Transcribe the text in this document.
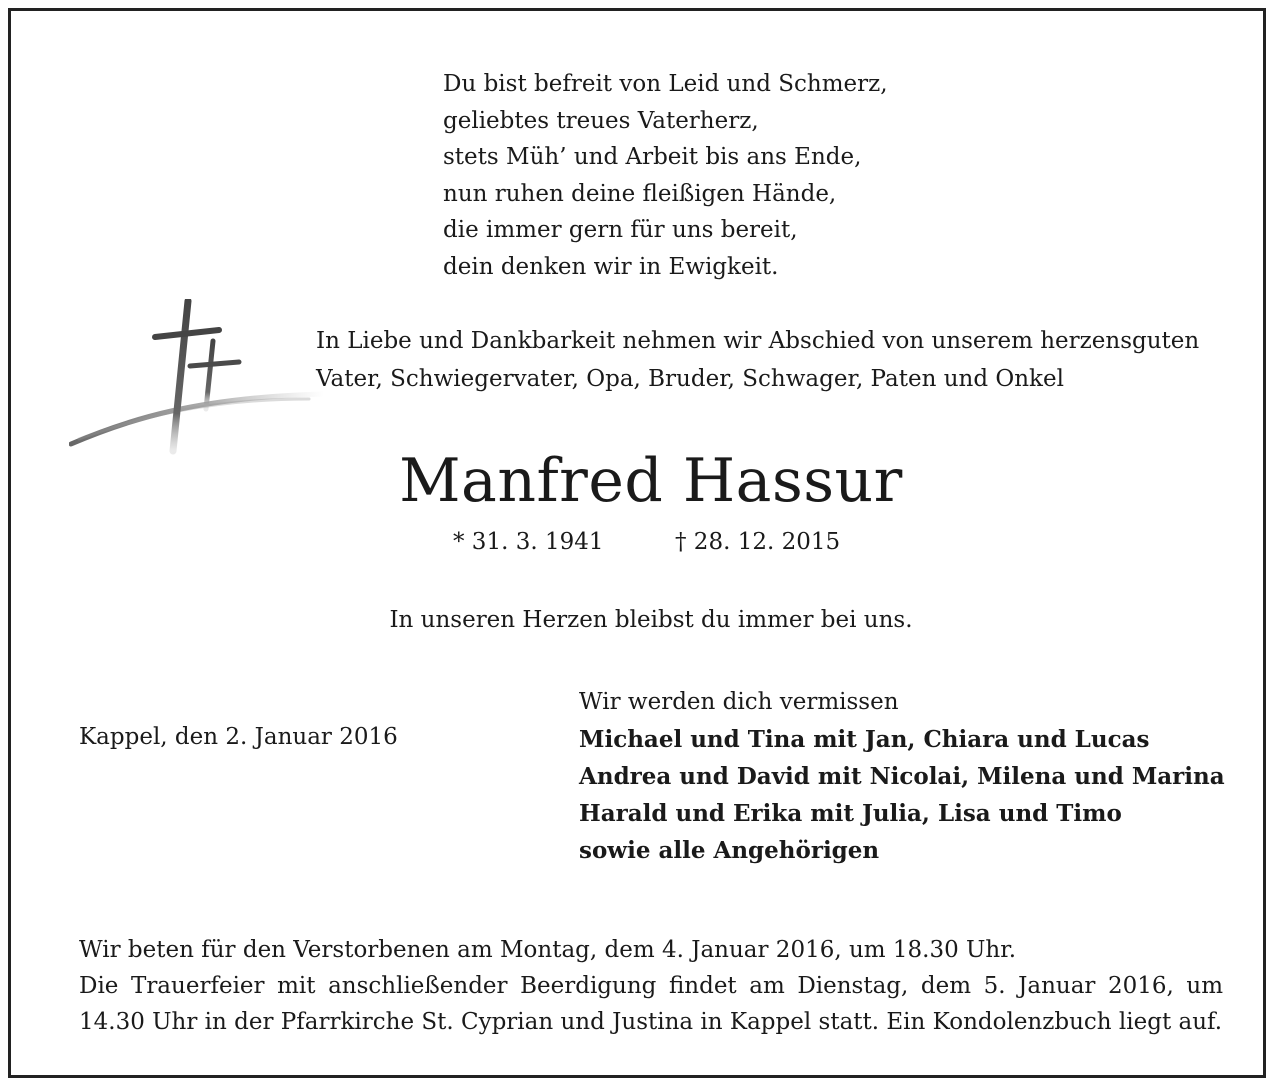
Du bist befreit von Leid und Schmerz,
geliebtes treues Vaterherz,
stets Müh’ und Arbeit bis ans Ende,
nun ruhen deine fleißigen Hände,
die immer gern für uns bereit,
dein denken wir in Ewigkeit.
In Liebe und Dankbarkeit nehmen wir Abschied von unserem herzensguten
Vater, Schwiegervater, Opa, Bruder, Schwager, Paten und Onkel
Manfred Hassur
* 31. 3. 1941	† 28. 12. 2015
In unseren Herzen bleibst du immer bei uns.
Kappel, den 2. Januar 2016
Wir werden dich vermissen
Michael und Tina mit Jan, Chiara und Lucas
Andrea und David mit Nicolai, Milena und Marina
Harald und Erika mit Julia, Lisa und Timo
sowie alle Angehörigen
Wir beten für den Verstorbenen am Montag, dem 4. Januar 2016, um 18.30 Uhr.
Die Trauerfeier mit anschließender Beerdigung findet am Dienstag, dem 5. Januar 2016, um 14.30 Uhr in der Pfarrkirche St. Cyprian und Justina in Kappel statt. Ein Kondolenzbuch liegt auf.
